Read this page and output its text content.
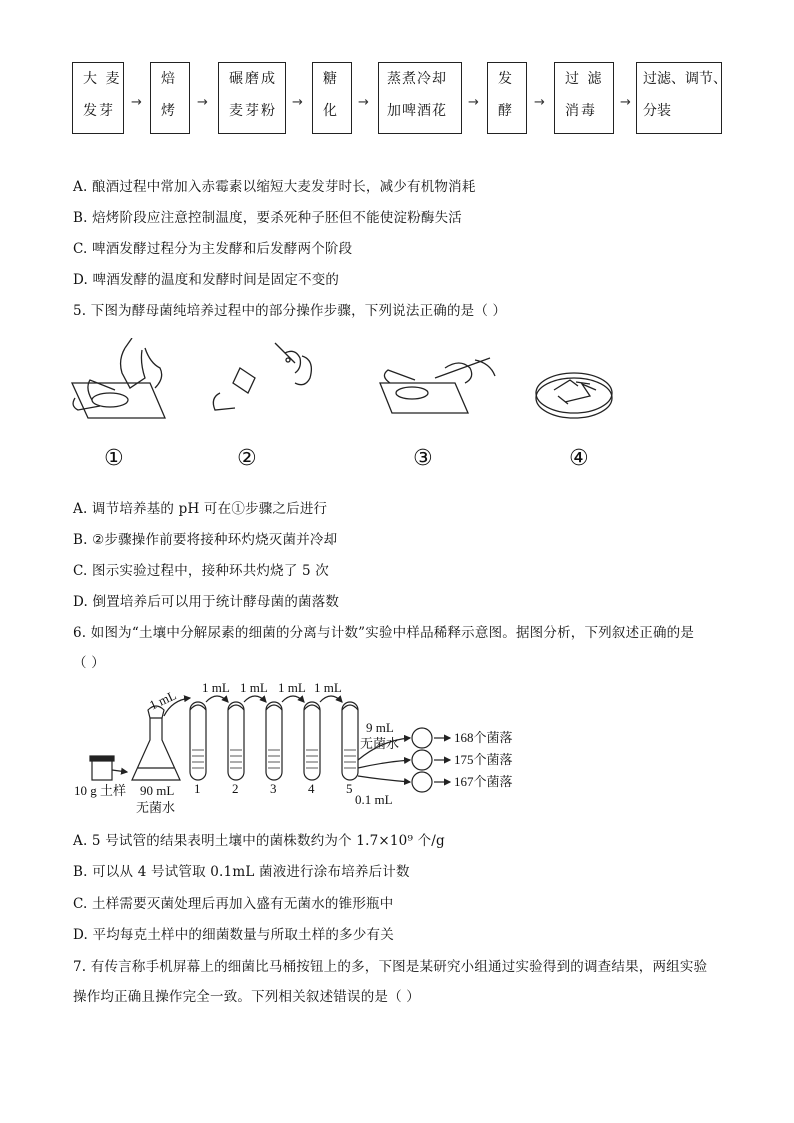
大 麦
发芽
→
焙
烤
→
碾磨成
麦芽粉
→
糖
化
→
蒸煮冷却
加啤酒花
→
发
酵
→
过 滤
消毒
→
过滤、调节、
分装
A. 酿酒过程中常加入赤霉素以缩短大麦发芽时长，减少有机物消耗
B. 焙烤阶段应注意控制温度，要杀死种子胚但不能使淀粉酶失活
C. 啤酒发酵过程分为主发酵和后发酵两个阶段
D. 啤酒发酵的温度和发酵时间是固定不变的
5. 下图为酵母菌纯培养过程中的部分操作步骤，下列说法正确的是（ ）
①	②	③	④
A. 调节培养基的 pH 可在①步骤之后进行
B. ②步骤操作前要将接种环灼烧灭菌并冷却
C. 图示实验过程中，接种环共灼烧了 5 次
D. 倒置培养后可以用于统计酵母菌的菌落数
6. 如图为“土壤中分解尿素的细菌的分离与计数”实验中样品稀释示意图。据图分析，下列叙述正确的是
（ ）
10 g 土样 90 mL
无菌水
1 mL 1 mL 1 mL 1 mL 1 mL
1 2 3 4 5
9 mL
无菌水
0.1 mL
168个菌落
175个菌落
167个菌落
A. 5 号试管的结果表明土壤中的菌株数约为个 1.7×10⁹ 个/g
B. 可以从 4 号试管取 0.1mL 菌液进行涂布培养后计数
C. 土样需要灭菌处理后再加入盛有无菌水的锥形瓶中
D. 平均每克土样中的细菌数量与所取土样的多少有关
7. 有传言称手机屏幕上的细菌比马桶按钮上的多，下图是某研究小组通过实验得到的调查结果，两组实验
操作均正确且操作完全一致。下列相关叙述错误的是（ ）
